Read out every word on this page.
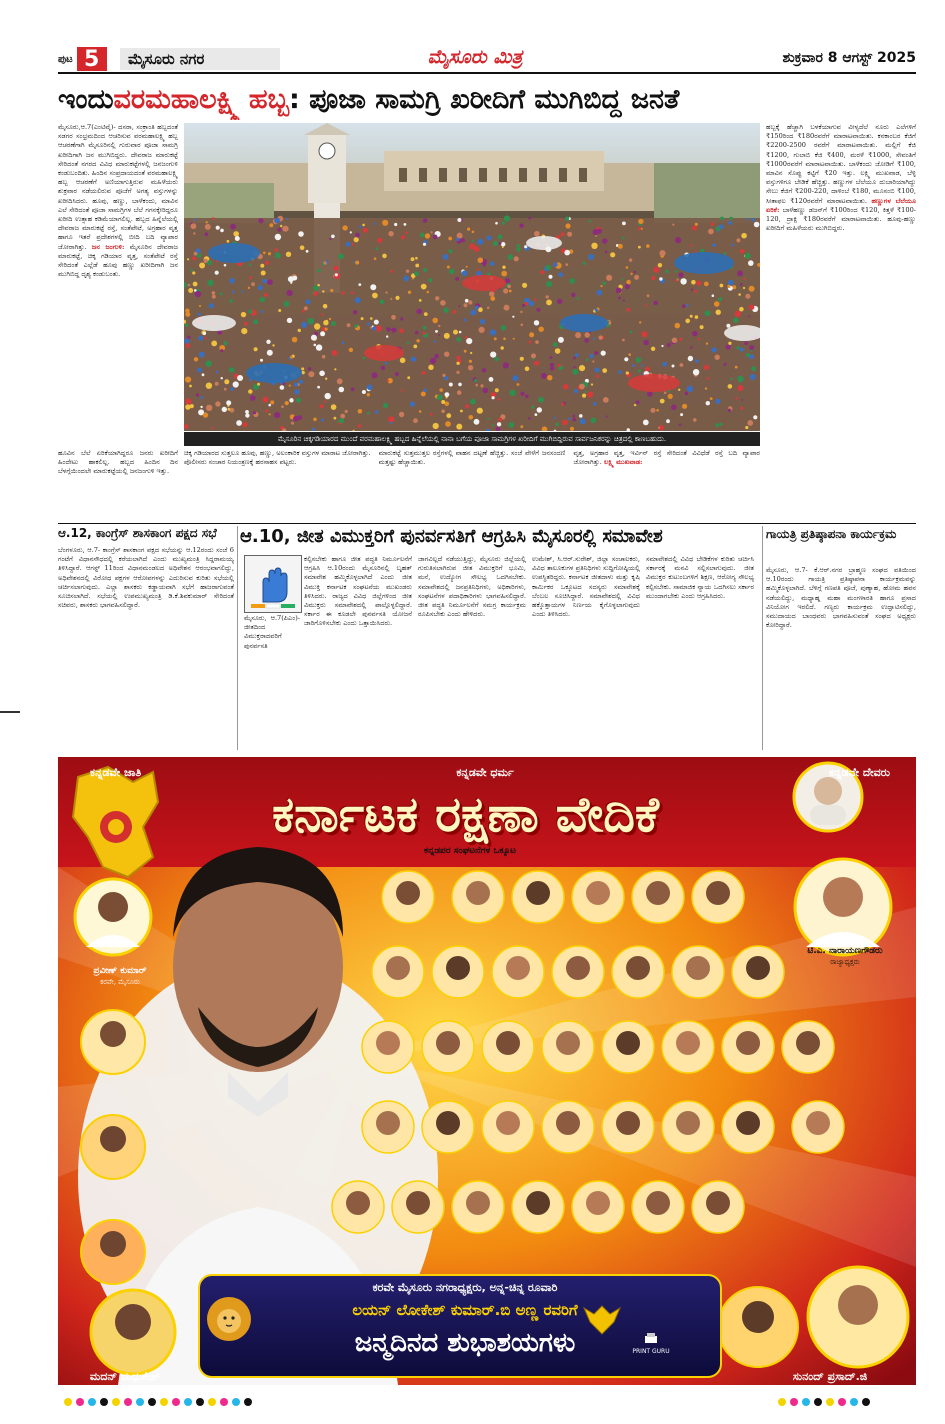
ಪುಟ 5	ಮೈಸೂರು ನಗರ	ಮೈಸೂರು ಮಿತ್ರ	ಶುಕ್ರವಾರ 8 ಆಗಸ್ಟ್ 2025
ಇಂದು ವರಮಹಾಲಕ್ಷ್ಮಿ ಹಬ್ಬ : ಪೂಜಾ ಸಾಮಗ್ರಿ ಖರೀದಿಗೆ ಮುಗಿಬಿದ್ದ ಜನತೆ
ಮೈಸೂರು,ಆ.7(ಎಂಟಿವೈ)- ದಸರಾ, ಸಂಕ್ರಾಂತಿ ಹಬ್ಬದಂತೆ ಸಡಗರ ಸಂಭ್ರಮದಿಂದ ಆಚರಿಸುವ ವರಮಹಾಲಕ್ಷ್ಮಿ ಹಬ್ಬ ಆಚರಣೆಗಾಗಿ ಮೈಸೂರಿನಲ್ಲಿ ಗುರುವಾರ ಪೂಜಾ ಸಾಮಗ್ರಿ ಖರೀದಿಗಾಗಿ ಜನ ಮುಗಿಬಿದ್ದರು. ದೇವರಾಜ ಮಾರುಕಟ್ಟೆ ಸೇರಿದಂತೆ ನಗರದ ವಿವಿಧ ಮಾರುಕಟ್ಟೆಗಳಲ್ಲಿ ಜನಜಂಗುಳಿ ಕಂಡುಬಂದಿತು. ಹಿಂದಿನ ಸಂಪ್ರದಾಯದಂತೆ ವರಮಹಾಲಕ್ಷ್ಮಿ ಹಬ್ಬ ಆಚರಣೆಗೆ ಅಣಿಯಾಗುತ್ತಿರುವ ಮಹಿಳೆಯರು ಶುಕ್ರವಾರ ನಡೆಯಲಿರುವ ಪೂಜೆಗೆ ಅಗತ್ಯ ವಸ್ತುಗಳನ್ನು ಖರೀದಿಸಿದರು. ಹೂವು, ಹಣ್ಣು, ಬಾಳೆಕಂದು, ಮಾವಿನ ಎಲೆ ಸೇರಿದಂತೆ ಪೂಜಾ ಸಾಮಗ್ರಿಗಳ ಬೆಲೆ ಗಗನಕ್ಕೇರಿದ್ದರೂ ಖರೀದಿ ಉತ್ಸಾಹ ಕಡಿಮೆಯಾಗಲಿಲ್ಲ. ಹಬ್ಬದ ಹಿನ್ನೆಲೆಯಲ್ಲಿ ದೇವರಾಜ ಮಾರುಕಟ್ಟೆ ರಸ್ತೆ, ಸಂತೆಪೇಟೆ, ಅಗ್ರಹಾರ ವೃತ್ತ ಹಾಗೂ ಇತರೆ ಪ್ರದೇಶಗಳಲ್ಲಿ ಬೀದಿ ಬದಿ ವ್ಯಾಪಾರ ಜೋರಾಗಿತ್ತು. ಜನ ಜಂಗುಳಿ: ಮೈಸೂರಿನ ದೇವರಾಜ ಮಾರುಕಟ್ಟೆ, ಚಿಕ್ಕ ಗಡಿಯಾರ ವೃತ್ತ, ಸಂತೆಪೇಟೆ ರಸ್ತೆ ಸೇರಿದಂತೆ ಎಲ್ಲೆಡೆ ಹೂವು ಹಣ್ಣು ಖರೀದಿಗಾಗಿ ಜನ ಮುಗಿಬಿದ್ದ ದೃಶ್ಯ ಕಂಡುಬಂತು.
ಮೈಸೂರಿನ ಚಿಕ್ಕಗಡಿಯಾರದ ಮುಂದೆ ವರಮಹಾಲಕ್ಷ್ಮಿ ಹಬ್ಬದ ಹಿನ್ನೆಲೆಯಲ್ಲಿ ನಾನಾ ಬಗೆಯ ಪೂಜಾ ಸಾಮಗ್ರಿಗಳ ಖರೀದಿಗೆ ಮುಗಿಬಿದ್ದಿರುವ ಸಾರ್ವಜನಿಕರನ್ನು ಚಿತ್ರದಲ್ಲಿ ಕಾಣಬಹುದು.
ಹಬ್ಬಕ್ಕೆ ಹೆಚ್ಚಾಗಿ ಬಳಕೆಯಾಗುವ ವೀಳ್ಯದೆಲೆ ನೂರು ಎಲೆಗಳಿಗೆ ₹150ರಿಂದ ₹180ರವರೆಗೆ ಮಾರಾಟವಾಯಿತು. ಕನಕಾಂಬರ ಕೆಜಿಗೆ ₹2200-2500 ರವರೆಗೆ ಮಾರಾಟವಾಯಿತು. ಮಲ್ಲಿಗೆ ಕೆಜಿ ₹1200, ಗುಲಾಬಿ ಕೆಜಿ ₹400, ಮರಳೆ ₹1000, ಸೇವಂತಿಗೆ ₹1000ರವರೆಗೆ ಮಾರಾಟವಾಯಿತು. ಬಾಳೆಕಂದು ಜೋಡಿಗೆ ₹100, ಮಾವಿನ ಸೊಪ್ಪು ಕಟ್ಟಿಗೆ ₹20 ಇತ್ತು. ಲಕ್ಷ್ಮಿ ಮುಖವಾಡ, ಬೆಳ್ಳಿ ವಸ್ತುಗಳಿಗೂ ಬೇಡಿಕೆ ಹೆಚ್ಚಿತ್ತು. ಹಣ್ಣುಗಳ ಬೆಲೆಯೂ ದುಬಾರಿಯಾಗಿದ್ದು ಸೇಬು ಕೆಜಿಗೆ ₹200-220, ದಾಳಿಂಬೆ ₹180, ಮೂಸಂಬಿ ₹100, ಸೀತಾಫಲ ₹120ರವರೆಗೆ ಮಾರಾಟವಾಯಿತು. ಹಣ್ಣುಗಳ ಬೆಲೆಯೂ ಏರಿಕೆ: ಬಾಳೆಹಣ್ಣು ಡಜನ್‌ಗೆ ₹100ರಿಂದ ₹120, ಕಿತ್ತಳೆ ₹100-120, ದ್ರಾಕ್ಷಿ ₹180ರವರೆಗೆ ಮಾರಾಟವಾಯಿತು. ಹೂವು-ಹಣ್ಣು ಖರೀದಿಗೆ ಮಹಿಳೆಯರು ಮುಗಿಬಿದ್ದರು.
ಹೂವಿನ ಬೆಲೆ ಏರಿಕೆಯಾಗಿದ್ದರೂ ಜನರು ಖರೀದಿಗೆ ಹಿಂದೇಟು ಹಾಕಲಿಲ್ಲ. ಹಬ್ಬದ ಹಿಂದಿನ ದಿನ ಬೆಳಗ್ಗೆಯಿಂದಲೇ ಮಾರುಕಟ್ಟೆಯಲ್ಲಿ ಜನಜಂಗುಳಿ ಇತ್ತು.
ಚಿಕ್ಕ ಗಡಿಯಾರದ ಸುತ್ತಲೂ ಹೂವು, ಹಣ್ಣು, ಅಲಂಕಾರಿಕ ವಸ್ತುಗಳ ಮಾರಾಟ ಜೋರಾಗಿತ್ತು. ಪೊಲೀಸರು ಸಂಚಾರ ನಿಯಂತ್ರಣಕ್ಕೆ ಹರಸಾಹಸ ಪಟ್ಟರು.
ಮಾರುಕಟ್ಟೆ ಸುತ್ತಮುತ್ತಲ ರಸ್ತೆಗಳಲ್ಲಿ ವಾಹನ ದಟ್ಟಣೆ ಹೆಚ್ಚಿತ್ತು. ಸಂಜೆ ವೇಳೆಗೆ ಜನಸಂದಣಿ ಮತ್ತಷ್ಟು ಹೆಚ್ಚಾಯಿತು.
ವೃತ್ತ, ಅಗ್ರಹಾರ ವೃತ್ತ, ಇರ್ವಿನ್ ರಸ್ತೆ ಸೇರಿದಂತೆ ವಿವಿಧೆಡೆ ರಸ್ತೆ ಬದಿ ವ್ಯಾಪಾರ ಜೋರಾಗಿತ್ತು. ಲಕ್ಷ್ಮಿ ಮುಖವಾಡ:
ಆ.12, ಕಾಂಗ್ರೆಸ್ ಶಾಸಕಾಂಗ ಪಕ್ಷದ ಸಭೆ
ಬೆಂಗಳೂರು, ಆ.7- ಕಾಂಗ್ರೆಸ್ ಶಾಸಕಾಂಗ ಪಕ್ಷದ ಸಭೆಯನ್ನು ಆ.12ರಂದು ಸಂಜೆ 6 ಗಂಟೆಗೆ ವಿಧಾನಸೌಧದಲ್ಲಿ ಕರೆಯಲಾಗಿದೆ ಎಂದು ಮುಖ್ಯಮಂತ್ರಿ ಸಿದ್ದರಾಮಯ್ಯ ತಿಳಿಸಿದ್ದಾರೆ. ಆಗಸ್ಟ್ 11ರಿಂದ ವಿಧಾನಮಂಡಲದ ಅಧಿವೇಶನ ಆರಂಭವಾಗಲಿದ್ದು, ಅಧಿವೇಶನದಲ್ಲಿ ವಿರೋಧ ಪಕ್ಷಗಳ ಆರೋಪಗಳನ್ನು ಎದುರಿಸುವ ಕುರಿತು ಸಭೆಯಲ್ಲಿ ಚರ್ಚಿಸಲಾಗುವುದು. ಎಲ್ಲಾ ಶಾಸಕರು ಕಡ್ಡಾಯವಾಗಿ ಸಭೆಗೆ ಹಾಜರಾಗುವಂತೆ ಸೂಚಿಸಲಾಗಿದೆ. ಸಭೆಯಲ್ಲಿ ಉಪಮುಖ್ಯಮಂತ್ರಿ ಡಿ.ಕೆ.ಶಿವಕುಮಾರ್ ಸೇರಿದಂತೆ ಸಚಿವರು, ಶಾಸಕರು ಭಾಗವಹಿಸಲಿದ್ದಾರೆ.
ಆ.10, ಜೀತ ವಿಮುಕ್ತರಿಗೆ ಪುನರ್ವಸತಿಗೆ ಆಗ್ರಹಿಸಿ ಮೈಸೂರಲ್ಲಿ ಸಮಾವೇಶ
ಮೈಸೂರು, ಆ.7(ಪಿಎಂ)- ಜೀತದಿಂದ ವಿಮುಕ್ತರಾದವರಿಗೆ ಪುನರ್ವಸತಿ
ಕಲ್ಪಿಸಬೇಕು ಹಾಗೂ ಜೀತ ಪದ್ಧತಿ ನಿರ್ಮೂಲನೆಗೆ ಆಗ್ರಹಿಸಿ ಆ.10ರಂದು ಮೈಸೂರಿನಲ್ಲಿ ಬೃಹತ್ ಸಮಾವೇಶ ಹಮ್ಮಿಕೊಳ್ಳಲಾಗಿದೆ ಎಂದು ಜೀತ ವಿಮುಕ್ತಿ ಕರ್ನಾಟಕ ಸಂಘಟನೆಯ ಮುಖಂಡರು ತಿಳಿಸಿದರು. ರಾಜ್ಯದ ವಿವಿಧ ಜಿಲ್ಲೆಗಳಿಂದ ಜೀತ ವಿಮುಕ್ತರು ಸಮಾವೇಶದಲ್ಲಿ ಪಾಲ್ಗೊಳ್ಳಲಿದ್ದಾರೆ. ಸರ್ಕಾರ ಈ ಕೂಡಲೇ ಪುನರ್ವಸತಿ ಯೋಜನೆ ಜಾರಿಗೊಳಿಸಬೇಕು ಎಂದು ಒತ್ತಾಯಿಸಿದರು.
ಜಾಗವಿಲ್ಲದೆ ನಡೆಯುತ್ತಿದ್ದು, ಮೈಸೂರು ಜಿಲ್ಲೆಯಲ್ಲಿ ಗುರುತಿಸಲಾಗಿರುವ ಜೀತ ವಿಮುಕ್ತರಿಗೆ ಭೂಮಿ, ಮನೆ, ಉದ್ಯೋಗ ಸೌಲಭ್ಯ ಒದಗಿಸಬೇಕು. ಸಮಾವೇಶದಲ್ಲಿ ಜನಪ್ರತಿನಿಧಿಗಳು, ಅಧಿಕಾರಿಗಳು, ಸಂಘಟನೆಗಳ ಪದಾಧಿಕಾರಿಗಳು ಭಾಗವಹಿಸಲಿದ್ದಾರೆ. ಜೀತ ಪದ್ಧತಿ ನಿರ್ಮೂಲನೆಗೆ ಸಮಗ್ರ ಕಾರ್ಯಕ್ರಮ ರೂಪಿಸಬೇಕು ಎಂದು ಹೇಳಿದರು.
ಉಮೇಶ್, ಸಿ.ಆರ್.ಸುರೇಶ್, ಜಿಲ್ಲಾ ಸಂಚಾಲಕರು, ವಿವಿಧ ತಾಲೂಕುಗಳ ಪ್ರತಿನಿಧಿಗಳು ಸುದ್ದಿಗೋಷ್ಠಿಯಲ್ಲಿ ಉಪಸ್ಥಿತರಿದ್ದರು. ಕರ್ನಾಟಕ ಜೀತದಾಳು ಮತ್ತು ಕೃಷಿ ಕಾರ್ಮಿಕರ ಒಕ್ಕೂಟದ ಸದಸ್ಯರು ಸಮಾವೇಶಕ್ಕೆ ಬೆಂಬಲ ಸೂಚಿಸಿದ್ದಾರೆ. ಸಮಾವೇಶದಲ್ಲಿ ವಿವಿಧ ಹಕ್ಕೊತ್ತಾಯಗಳ ನಿರ್ಣಯ ಕೈಗೊಳ್ಳಲಾಗುವುದು ಎಂದು ತಿಳಿಸಿದರು.
ಸಮಾವೇಶದಲ್ಲಿ ವಿವಿಧ ಬೇಡಿಕೆಗಳ ಕುರಿತು ಚರ್ಚಿಸಿ ಸರ್ಕಾರಕ್ಕೆ ಮನವಿ ಸಲ್ಲಿಸಲಾಗುವುದು. ಜೀತ ವಿಮುಕ್ತರ ಕುಟುಂಬಗಳಿಗೆ ಶಿಕ್ಷಣ, ಆರೋಗ್ಯ ಸೌಲಭ್ಯ ಕಲ್ಪಿಸಬೇಕು. ಸಾಮಾಜಿಕ ನ್ಯಾಯ ಒದಗಿಸಲು ಸರ್ಕಾರ ಮುಂದಾಗಬೇಕು ಎಂದು ಆಗ್ರಹಿಸಿದರು.
ಗಾಯತ್ರಿ ಪ್ರತಿಷ್ಠಾಪನಾ ಕಾರ್ಯಕ್ರಮ
ಮೈಸೂರು, ಆ.7- ಕೆ.ಆರ್.ನಗರ ಬ್ರಾಹ್ಮಣ ಸಂಘದ ವತಿಯಿಂದ ಆ.10ರಂದು ಗಾಯತ್ರಿ ಪ್ರತಿಷ್ಠಾಪನಾ ಕಾರ್ಯಕ್ರಮವನ್ನು ಹಮ್ಮಿಕೊಳ್ಳಲಾಗಿದೆ. ಬೆಳಿಗ್ಗೆ ಗಣಪತಿ ಪೂಜೆ, ಪುಣ್ಯಾಹ, ಹೋಮ ಹವನ ನಡೆಯಲಿದ್ದು, ಮಧ್ಯಾಹ್ನ ಮಹಾ ಮಂಗಳಾರತಿ ಹಾಗೂ ಪ್ರಸಾದ ವಿನಿಯೋಗ ಇರಲಿದೆ. ಗಣ್ಯರು ಕಾರ್ಯಕ್ರಮ ಉದ್ಘಾಟಿಸಲಿದ್ದು, ಸಮುದಾಯದ ಬಾಂಧವರು ಭಾಗವಹಿಸುವಂತೆ ಸಂಘದ ಅಧ್ಯಕ್ಷರು ಕೋರಿದ್ದಾರೆ.
ಕನ್ನಡವೇ ಜಾತಿ	ಕನ್ನಡವೇ ಧರ್ಮ	ಕನ್ನಡವೇ ದೇವರು
ಕರ್ನಾಟಕ ರಕ್ಷಣಾ ವೇದಿಕೆ
ಕನ್ನಡಪರ ಸಂಘಟನೆಗಳ ಒಕ್ಕೂಟ
ಪ್ರವೀಣ್ ಕುಮಾರ್
ಕರವೇ, ಮೈಸೂರು
ಟಿ.ಎ. ನಾರಾಯಣಗೌಡರು
ರಾಜ್ಯಾಧ್ಯಕ್ಷರು
ಮದನ್ ಮಧುಕೇಶ್	ಸುನಂದ್ ಪ್ರಸಾದ್.ಜಿ
ಕರವೇ ಮೈಸೂರು ನಗರಾಧ್ಯಕ್ಷರು, ಅನ್ನ-ಚಿನ್ನ ರೂವಾರಿ
ಲಯನ್ ಲೋಕೇಶ್ ಕುಮಾರ್.ಬಿ ಅಣ್ಣ ರವರಿಗೆ
ಜನ್ಮದಿನದ ಶುಭಾಶಯಗಳು	PRINT GURU
